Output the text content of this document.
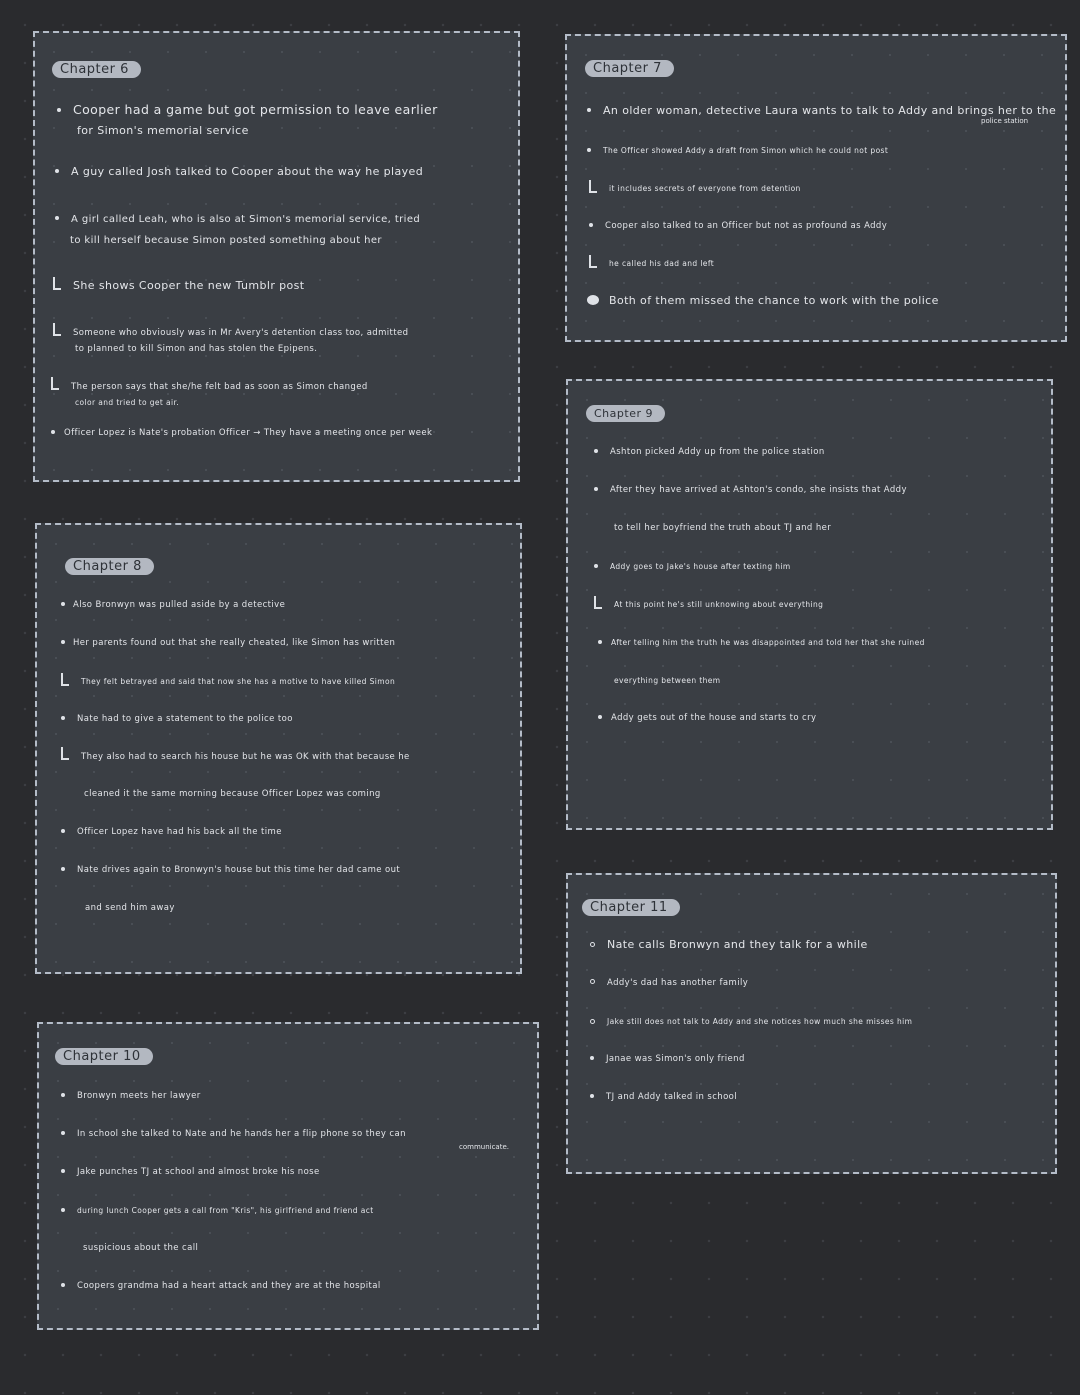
Chapter 6
Cooper had a game but got permission to leave earlier
for Simon's memorial service
A guy called Josh talked to Cooper about the way he played
A girl called Leah, who is also at Simon's memorial service, tried
to kill herself because Simon posted something about her
She shows Cooper the new Tumblr post
Someone who obviously was in Mr Avery's detention class too, admitted
to planned to kill Simon and has stolen the Epipens.
The person says that she/he felt bad as soon as Simon changed
color and tried to get air.
Officer Lopez is Nate's probation Officer → They have a meeting once per week
Chapter 7
An older woman, detective Laura wants to talk to Addy and brings her to the
police station
The Officer showed Addy a draft from Simon which he could not post
it includes secrets of everyone from detention
Cooper also talked to an Officer but not as profound as Addy
he called his dad and left
Both of them missed the chance to work with the police
Chapter 8
Also Bronwyn was pulled aside by a detective
Her parents found out that she really cheated, like Simon has written
They felt betrayed and said that now she has a motive to have killed Simon
Nate had to give a statement to the police too
They also had to search his house but he was OK with that because he
cleaned it the same morning because Officer Lopez was coming
Officer Lopez have had his back all the time
Nate drives again to Bronwyn's house but this time her dad came out
and send him away
Chapter 9
Ashton picked Addy up from the police station
After they have arrived at Ashton's condo, she insists that Addy
to tell her boyfriend the truth about TJ and her
Addy goes to Jake's house after texting him
At this point he's still unknowing about everything
After telling him the truth he was disappointed and told her that she ruined
everything between them
Addy gets out of the house and starts to cry
Chapter 10
Bronwyn meets her lawyer
In school she talked to Nate and he hands her a flip phone so they can
communicate.
Jake punches TJ at school and almost broke his nose
during lunch Cooper gets a call from "Kris", his girlfriend and friend act
suspicious about the call
Coopers grandma had a heart attack and they are at the hospital
Chapter 11
Nate calls Bronwyn and they talk for a while
Addy's dad has another family
Jake still does not talk to Addy and she notices how much she misses him
Janae was Simon's only friend
TJ and Addy talked in school
